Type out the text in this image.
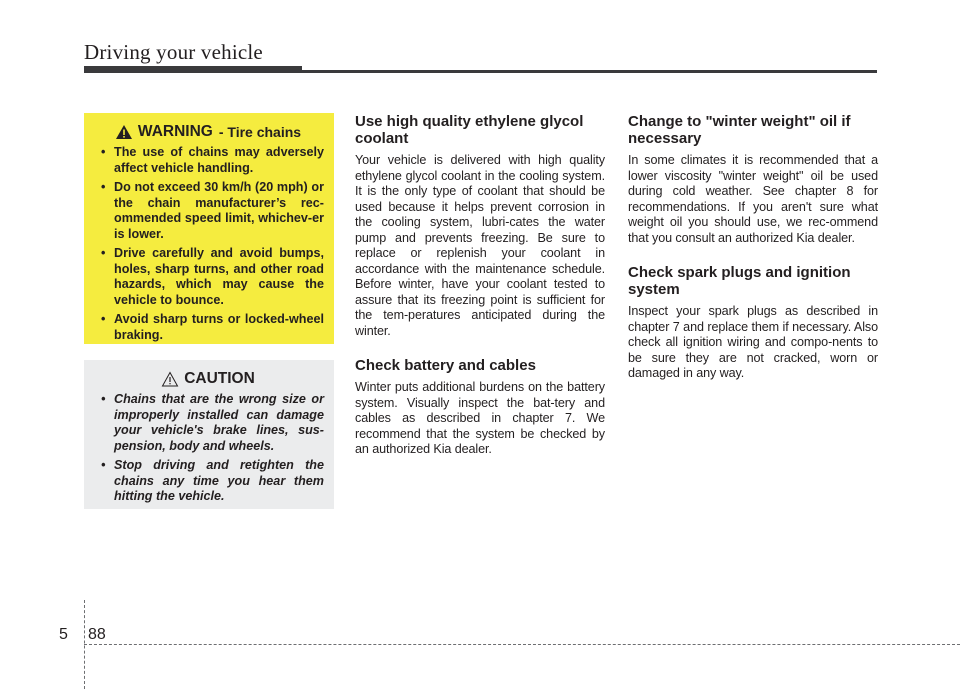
Driving your vehicle
WARNING - Tire chains
• The use of chains may adversely affect vehicle handling.
• Do not exceed 30 km/h (20 mph) or the chain manufacturer’s rec-ommended speed limit, whichev-er is lower.
• Drive carefully and avoid bumps, holes, sharp turns, and other road hazards, which may cause the vehicle to bounce.
• Avoid sharp turns or locked-wheel braking.
CAUTION
• Chains that are the wrong size or improperly installed can damage your vehicle's brake lines, sus-pension, body and wheels.
• Stop driving and retighten the chains any time you hear them hitting the vehicle.
Use high quality ethylene glycol coolant

Your vehicle is delivered with high quality ethylene glycol coolant in the cooling system. It is the only type of coolant that should be used because it helps prevent corrosion in the cooling system, lubri-cates the water pump and prevents freezing. Be sure to replace or replenish your coolant in accordance with the maintenance schedule. Before winter, have your coolant tested to assure that its freezing point is sufficient for the tem-peratures anticipated during the winter.

Check battery and cables

Winter puts additional burdens on the battery system. Visually inspect the bat-tery and cables as described in chapter 7. We recommend that the system be checked by an authorized Kia dealer.

Change to "winter weight" oil if necessary

In some climates it is recommended that a lower viscosity "winter weight" oil be used during cold weather. See chapter 8 for recommendations. If you aren't sure what weight oil you should use, we rec-ommend that you consult an authorized Kia dealer.

Check spark plugs and ignition system

Inspect your spark plugs as described in chapter 7 and replace them if necessary. Also check all ignition wiring and compo-nents to be sure they are not cracked, worn or damaged in any way.

5 88
